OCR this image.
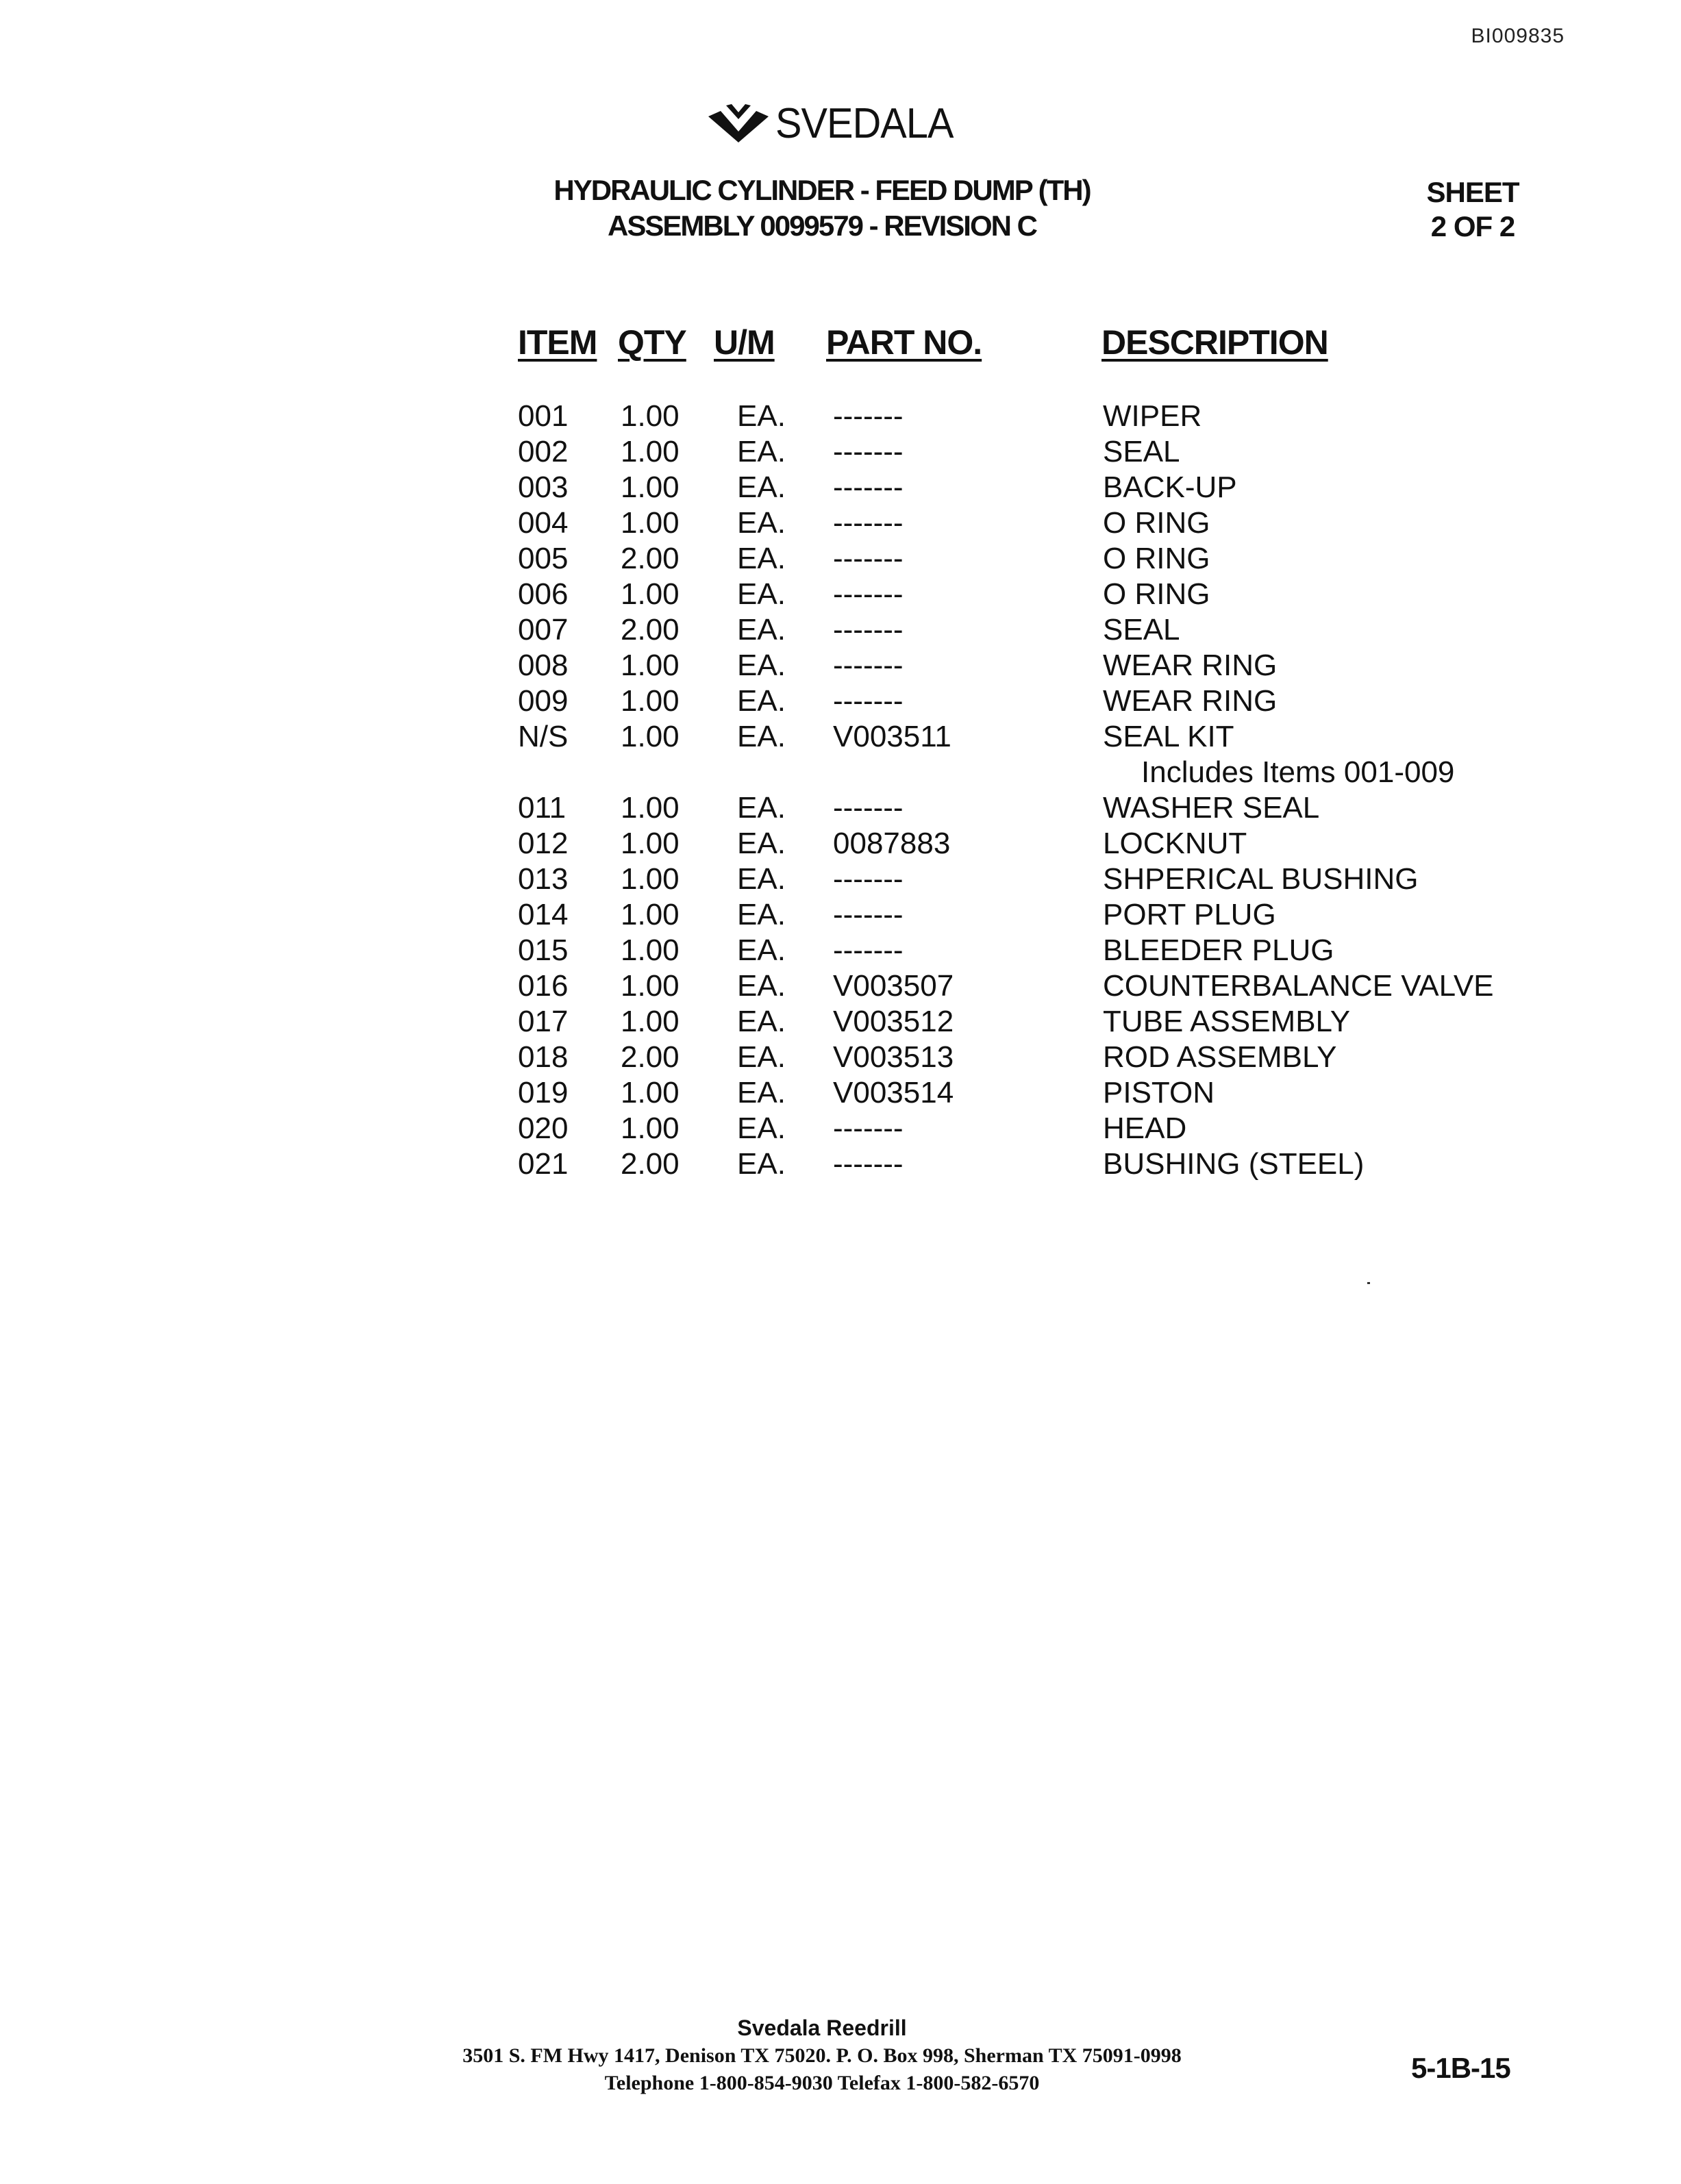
BI009835
SVEDALA
HYDRAULIC CYLINDER - FEED DUMP (TH)
ASSEMBLY 0099579 - REVISION C
SHEET
2 OF 2
ITEM QTY U/M PART NO.	DESCRIPTION
001 1.00 EA. -------	WIPER
002 1.00 EA. -------	SEAL
003 1.00 EA. -------	BACK-UP
004 1.00 EA. -------	O RING
005 2.00 EA. -------	O RING
006 1.00 EA. -------	O RING
007 2.00 EA. -------	SEAL
008 1.00 EA. -------	WEAR RING
009 1.00 EA. -------	WEAR RING
N/S 1.00 EA. V003511	SEAL KIT
Includes Items 001-009
011 1.00 EA. -------	WASHER SEAL
012 1.00 EA. 0087883	LOCKNUT
013 1.00 EA. -------	SHPERICAL BUSHING
014 1.00 EA. -------	PORT PLUG
015 1.00 EA. -------	BLEEDER PLUG
016 1.00 EA. V003507	COUNTERBALANCE VALVE
017 1.00 EA. V003512	TUBE ASSEMBLY
018 2.00 EA. V003513	ROD ASSEMBLY
019 1.00 EA. V003514	PISTON
020 1.00 EA. -------	HEAD
021 2.00 EA. -------	BUSHING (STEEL)
Svedala Reedrill
3501 S. FM Hwy 1417, Denison TX 75020. P. O. Box 998, Sherman TX 75091-0998
Telephone 1-800-854-9030 Telefax 1-800-582-6570	5-1B-15
